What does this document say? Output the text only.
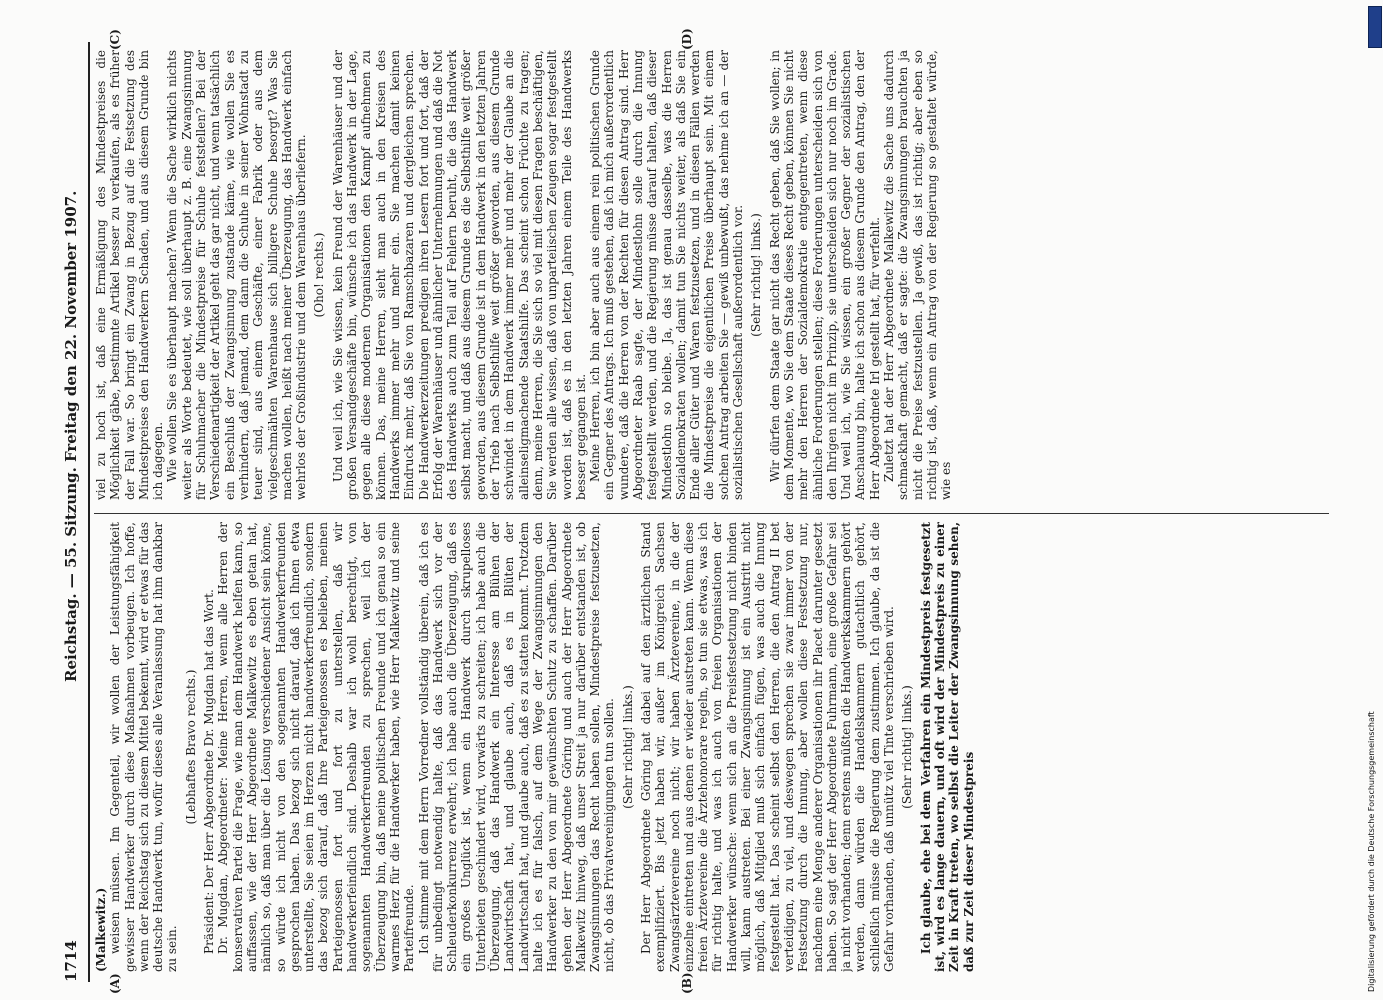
1714
Reichstag. — 55. Sitzung.
Freitag den 22. November 1907.
(A)	(B)
(C)	(D)

(Malkewitz.) weisen müssen. Im Gegenteil, wir wollen der Leistungsfähigkeit gewisser Handwerker durch diese Maßnahmen vorbeugen. Ich hoffe, wenn der Reichstag sich zu diesem Mittel bekennt, wird er etwas für das deutsche Handwerk tun, wofür dieses alle Veranlassung hat ihm dankbar zu sein.

(Lebhaftes Bravo rechts.) Präsident: Der Herr Abgeordnete Dr. Mugdan hat das Wort. Dr. Mugdan, Abgeordneter: Meine Herren, wenn alle Herren der konservativen Partei die Frage, wie man dem Handwerk helfen kann, so auffassen, wie der Herr Abgeordnete Malkewitz es eben getan hat, nämlich so, daß man über die Lösung verschiedener Ansicht sein könne, so würde ich nicht von den sogenannten Handwerkerfreunden gesprochen haben. Das bezog sich nicht darauf, daß ich Ihnen etwa unterstellte, Sie seien im Herzen nicht handwerkerfreundlich, sondern das bezog sich darauf, daß Ihre Parteigenossen es belieben, meinen Parteigenossen fort und fort zu unterstellen, daß wir handwerkerfeindlich sind. Deshalb war ich wohl berechtigt, von sogenannten Handwerkerfreunden zu sprechen, weil ich der Überzeugung bin, daß meine politischen Freunde und ich genau so ein warmes Herz für die Handwerker haben, wie Herr Malkewitz und seine Parteifreunde. Ich stimme mit dem Herrn Vorredner vollständig überein, daß ich es für unbedingt notwendig halte, daß das Handwerk sich vor der Schleuderkonkurrenz erwehrt; ich habe auch die Überzeugung, daß es ein großes Unglück ist, wenn ein Handwerk durch skrupelloses Unterbieten geschindert wird, vorwärts zu schreiten; ich habe auch die Überzeugung, daß das Handwerk ein Interesse am Blühen der Landwirtschaft hat, und glaube auch, daß es in Blüten der Landwirtschaft hat, und glaube auch, daß es zu statten kommt. Trotzdem halte ich es für falsch, auf dem Wege der Zwangsinnungen den Handwerker zu den von mir gewünschten Schutz zu schaffen. Darüber gehen der Herr Abgeordnete Göring und auch der Herr Abgeordnete Malkewitz hinweg, daß unser Streit ja nur darüber entstanden ist, ob Zwangsinnungen das Recht haben sollen, Mindestpreise festzusetzen, nicht, ob das Privatvereinigungen tun sollen. (Sehr richtig! links.) Der Herr Abgeordnete Göring hat dabei auf den ärztlichen Stand exemplifiziert. Bis jetzt haben wir, außer im Königreich Sachsen Zwangsärztevereine noch nicht; wir haben Ärztevereine, in die der einzelne eintreten und aus denen er wieder austreten kann. Wenn diese freien Ärztevereine die Ärztehonorare regeln, so tun sie etwas, was ich für richtig halte, und was ich auch von freien Organisationen der Handwerker wünsche: wenn sich an die Preisfestsetzung nicht binden will, kann austreten. Bei einer Zwangsinnung ist ein Austritt nicht möglich, daß Mitglied muß sich einfach fügen, was auch die Innung festgestellt hat. Das scheint selbst den Herren, die den Antrag II bet verteidigen, zu viel, und deswegen sprechen sie zwar immer von der Festsetzung durch die Innung, aber wollen diese Festsetzung nur, nachdem eine Menge anderer Organisationen ihr Placet darunter gesetzt haben. So sagt der Herr Abgeordnete Fuhrmann, eine große Gefahr sei ja nicht vorhanden; denn erstens müßten die Handwerkskammern gehört werden, dann würden die Handelskammern gutachtlich gehört, schließlich müsse die Regierung dem zustimmen. Ich glaube, da ist die Gefahr vorhanden, daß unnütz viel Tinte verschrieben wird. (Sehr richtig! links.) Ich glaube, ehe bei dem Verfahren ein Mindestpreis festgesetzt ist, wird es lange dauern, und oft wird der Mindestpreis zu einer Zeit in Kraft treten, wo selbst die Leiter der Zwangsinnung sehen, daß zur Zeit dieser Mindestpreis

viel zu hoch ist, daß eine Ermäßigung des Mindestpreises die Möglichkeit gäbe, bestimmte Artikel besser zu verkaufen, als es früher der Fall war. So bringt ein Zwang in Bezug auf die Festsetzung des Mindestpreises den Handwerkern Schaden, und aus diesem Grunde bin ich dagegen. Wie wollen Sie es überhaupt machen? Wenn die Sache wirklich nichts weiter als Worte bedeutet, wie soll überhaupt z. B. eine Zwangsinnung für Schuhmacher die Mindestpreise für Schuhe feststellen? Bei der Verschiedenartigkeit der Artikel geht das gar nicht, und wenn tatsächlich ein Beschluß der Zwangsinnung zustande käme, wie wollen Sie es verhindern, daß jemand, dem dann die Schuhe in seiner Wohnstadt zu teuer sind, aus einem Geschäfte, einer Fabrik oder aus dem vielgeschmähten Warenhause sich billigere Schuhe besorgt? Was Sie machen wollen, heißt nach meiner Überzeugung, das Handwerk einfach wehrlos der Großindustrie und dem Warenhaus überliefern. (Oho! rechts.) Und weil ich, wie Sie wissen, kein Freund der Warenhäuser und der großen Versandgeschäfte bin, wünsche ich das Handwerk in der Lage, gegen alle diese modernen Organisationen den Kampf aufnehmen zu können. Das, meine Herren, sieht man auch in den Kreisen des Handwerks immer mehr und mehr ein. Sie machen damit keinen Eindruck mehr, daß Sie von Ramschbazaren und dergleichen sprechen. Die Handwerkerzeitungen predigen ihren Lesern fort und fort, daß der Erfolg der Warenhäuser und ähnlicher Unternehmungen und daß die Not des Handwerks auch zum Teil auf Fehlern beruht, die das Handwerk selbst macht, und daß aus diesem Grunde es die Selbsthilfe weit größer geworden, aus diesem Grunde ist in dem Handwerk in den letzten Jahren der Trieb nach Selbsthilfe weit größer geworden, aus diesem Grunde schwindet in dem Handwerk immer mehr und mehr der Glaube an die alleinseligmachende Staatshilfe. Das scheint schon Früchte zu tragen; denn, meine Herren, die Sie sich so viel mit diesen Fragen beschäftigen, Sie werden alle wissen, daß von unparteiischen Zeugen sogar festgestellt worden ist, daß es in den letzten Jahren einem Teile des Handwerks besser gegangen ist. Meine Herren, ich bin aber auch aus einem rein politischen Grunde ein Gegner des Antrags. Ich muß gestehen, daß ich mich außerordentlich wundere, daß die Herren von der Rechten für diesen Antrag sind. Herr Abgeordneter Raab sagte, der Mindestlohn solle durch die Innung festgestellt werden, und die Regierung müsse darauf halten, daß dieser Mindestlohn so bleibe. Ja, das ist genau dasselbe, was die Herren Sozialdemokraten wollen; damit tun Sie nichts weiter, als daß Sie ein Ende aller Güter und Waren festzusetzen, und in diesen Fällen werden die Mindestpreise die eigentlichen Preise überhaupt sein. Mit einem solchen Antrag arbeiten Sie — gewiß unbewußt, das nehme ich an — der sozialistischen Gesellschaft außerordentlich vor. (Sehr richtig! links.) Wir dürfen dem Staate gar nicht das Recht geben, daß Sie wollen; in dem Momente, wo Sie dem Staate dieses Recht geben, können Sie nicht mehr den Herren der Sozialdemokratie entgegentreten, wenn diese ähnliche Forderungen stellen; diese Forderungen unterscheiden sich von den Ihrigen nicht im Prinzip, sie unterscheiden sich nur noch im Grade. Und weil ich, wie Sie wissen, ein großer Gegner der sozialistischen Anschauung bin, halte ich schon aus diesem Grunde den Antrag, den der Herr Abgeordnete Irl gestellt hat, für verfehlt. Zuletzt hat der Herr Abgeordnete Malkewitz die Sache uns dadurch schmackhaft gemacht, daß er sagte: die Zwangsinnungen brauchten ja nicht die Preise festzustellen. Ja gewiß, das ist richtig; aber eben so richtig ist, daß, wenn ein Antrag von der Regierung so gestaltet würde, wie es

Digitalisierung gefördert durch die Deutsche Forschungsgemeinschaft
